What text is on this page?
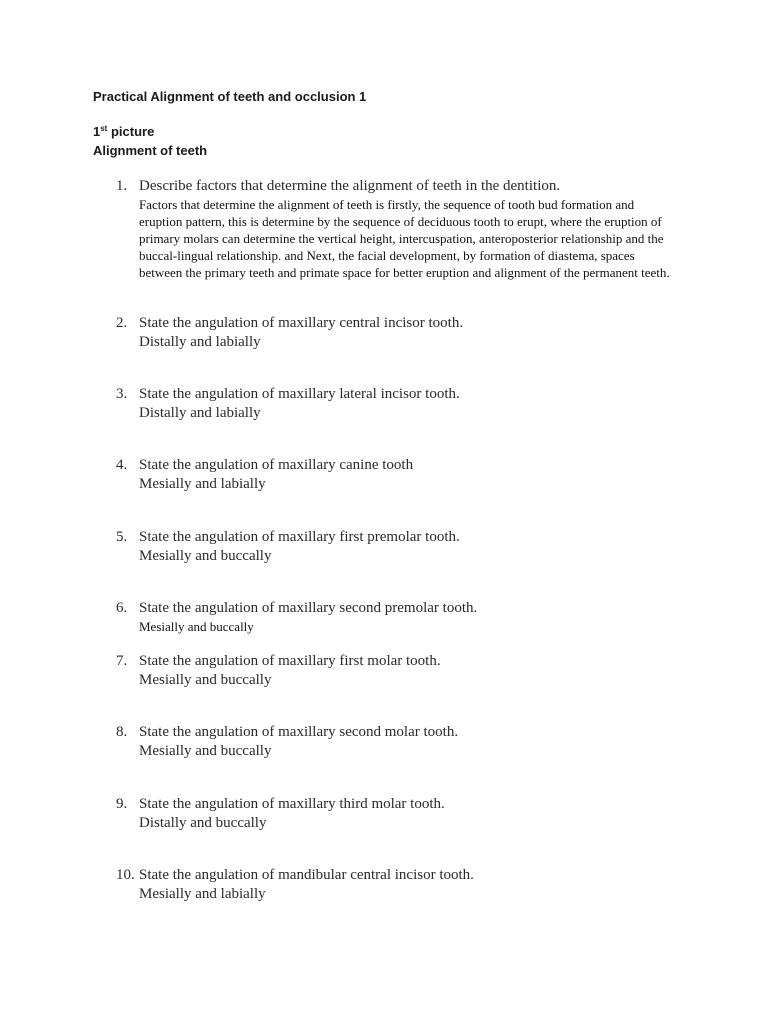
Practical Alignment of teeth and occlusion 1
1st picture
Alignment of teeth
1. Describe factors that determine the alignment of teeth in the dentition.
Factors that determine the alignment of teeth is firstly, the sequence of tooth bud formation and eruption pattern, this is determine by the sequence of deciduous tooth to erupt, where the eruption of primary molars can determine the vertical height, intercuspation, anteroposterior relationship and the buccal-lingual relationship. and Next, the facial development, by formation of diastema, spaces between the primary teeth and primate space for better eruption and alignment of the permanent teeth.
2. State the angulation of maxillary central incisor tooth.
Distally and labially
3. State the angulation of maxillary lateral incisor tooth.
Distally and labially
4. State the angulation of maxillary canine tooth
Mesially and labially
5. State the angulation of maxillary first premolar tooth.
Mesially and buccally
6. State the angulation of maxillary second premolar tooth.
Mesially and buccally
7. State the angulation of maxillary first molar tooth.
Mesially and buccally
8. State the angulation of maxillary second molar tooth.
Mesially and buccally
9. State the angulation of maxillary third molar tooth.
Distally and buccally
10. State the angulation of mandibular central incisor tooth.
Mesially and labially
